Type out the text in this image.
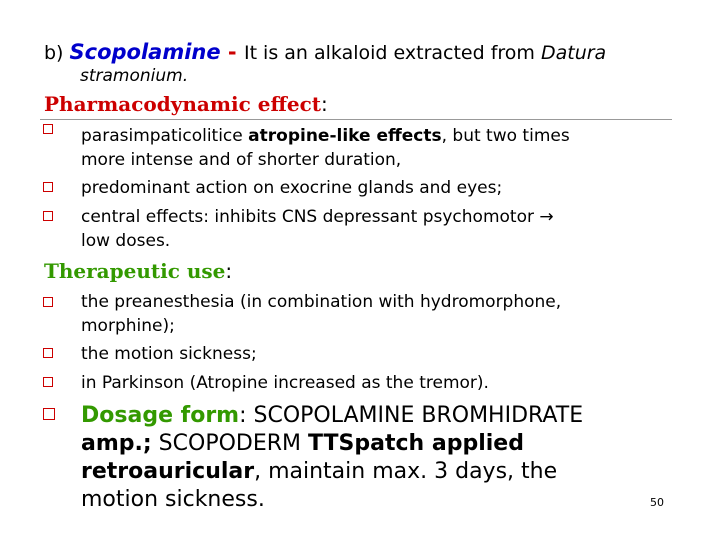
b) Scopolamine - It is an alkaloid extracted from Datura
stramonium.
Pharmacodynamic effect:
parasimpaticolitice atropine-like effects, but two times
more intense and of shorter duration,
predominant action on exocrine glands and eyes;
central effects: inhibits CNS depressant psychomotor →
low doses.
Therapeutic use:
the preanesthesia (in combination with hydromorphone,
morphine);
the motion sickness;
in Parkinson (Atropine increased as the tremor).
Dosage form: SCOPOLAMINE BROMHIDRATE
amp.; SCOPODERM TTSpatch applied
retroauricular, maintain max. 3 days, the
motion sickness.	50
